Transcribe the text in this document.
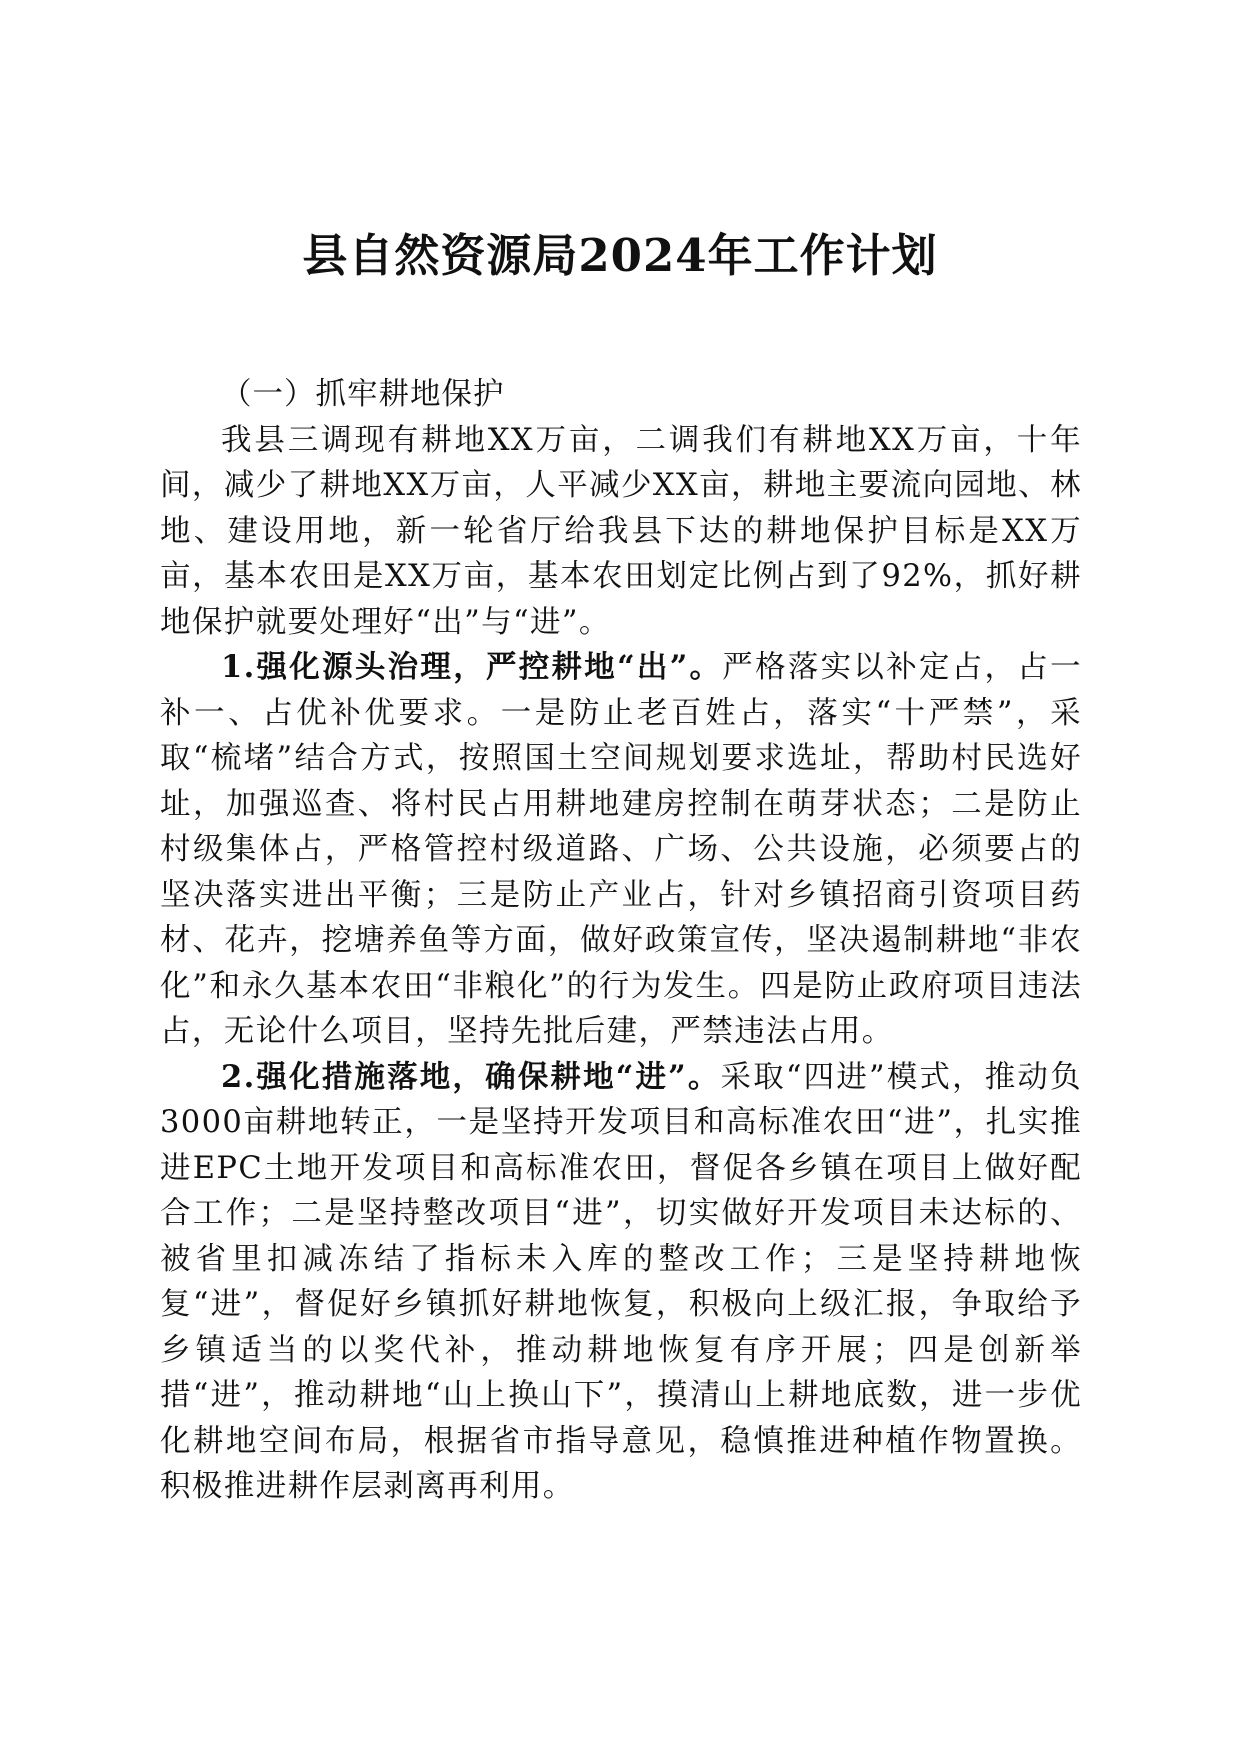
县自然资源局2024年工作计划

（一）抓牢耕地保护

我县三调现有耕地XX万亩，二调我们有耕地XX万亩，十年间，减少了耕地XX万亩，人平减少XX亩，耕地主要流向园地、林地、建设用地，新一轮省厅给我县下达的耕地保护目标是XX万亩，基本农田是XX万亩，基本农田划定比例占到了92%，抓好耕地保护就要处理好“出”与“进”。

1.强化源头治理，严控耕地“出”。严格落实以补定占，占一补一、占优补优要求。一是防止老百姓占，落实“十严禁”，采取“梳堵”结合方式，按照国土空间规划要求选址，帮助村民选好址，加强巡查、将村民占用耕地建房控制在萌芽状态；二是防止村级集体占，严格管控村级道路、广场、公共设施，必须要占的坚决落实进出平衡；三是防止产业占，针对乡镇招商引资项目药材、花卉，挖塘养鱼等方面，做好政策宣传，坚决遏制耕地“非农化”和永久基本农田“非粮化”的行为发生。四是防止政府项目违法占，无论什么项目，坚持先批后建，严禁违法占用。

2.强化措施落地，确保耕地“进”。采取“四进”模式，推动负3000亩耕地转正，一是坚持开发项目和高标准农田“进”，扎实推进EPC土地开发项目和高标准农田，督促各乡镇在项目上做好配合工作；二是坚持整改项目“进”，切实做好开发项目未达标的、被省里扣减冻结了指标未入库的整改工作；三是坚持耕地恢复“进”，督促好乡镇抓好耕地恢复，积极向上级汇报，争取给予乡镇适当的以奖代补，推动耕地恢复有序开展；四是创新举措“进”，推动耕地“山上换山下”，摸清山上耕地底数，进一步优化耕地空间布局，根据省市指导意见，稳慎推进种植作物置换。积极推进耕作层剥离再利用。
